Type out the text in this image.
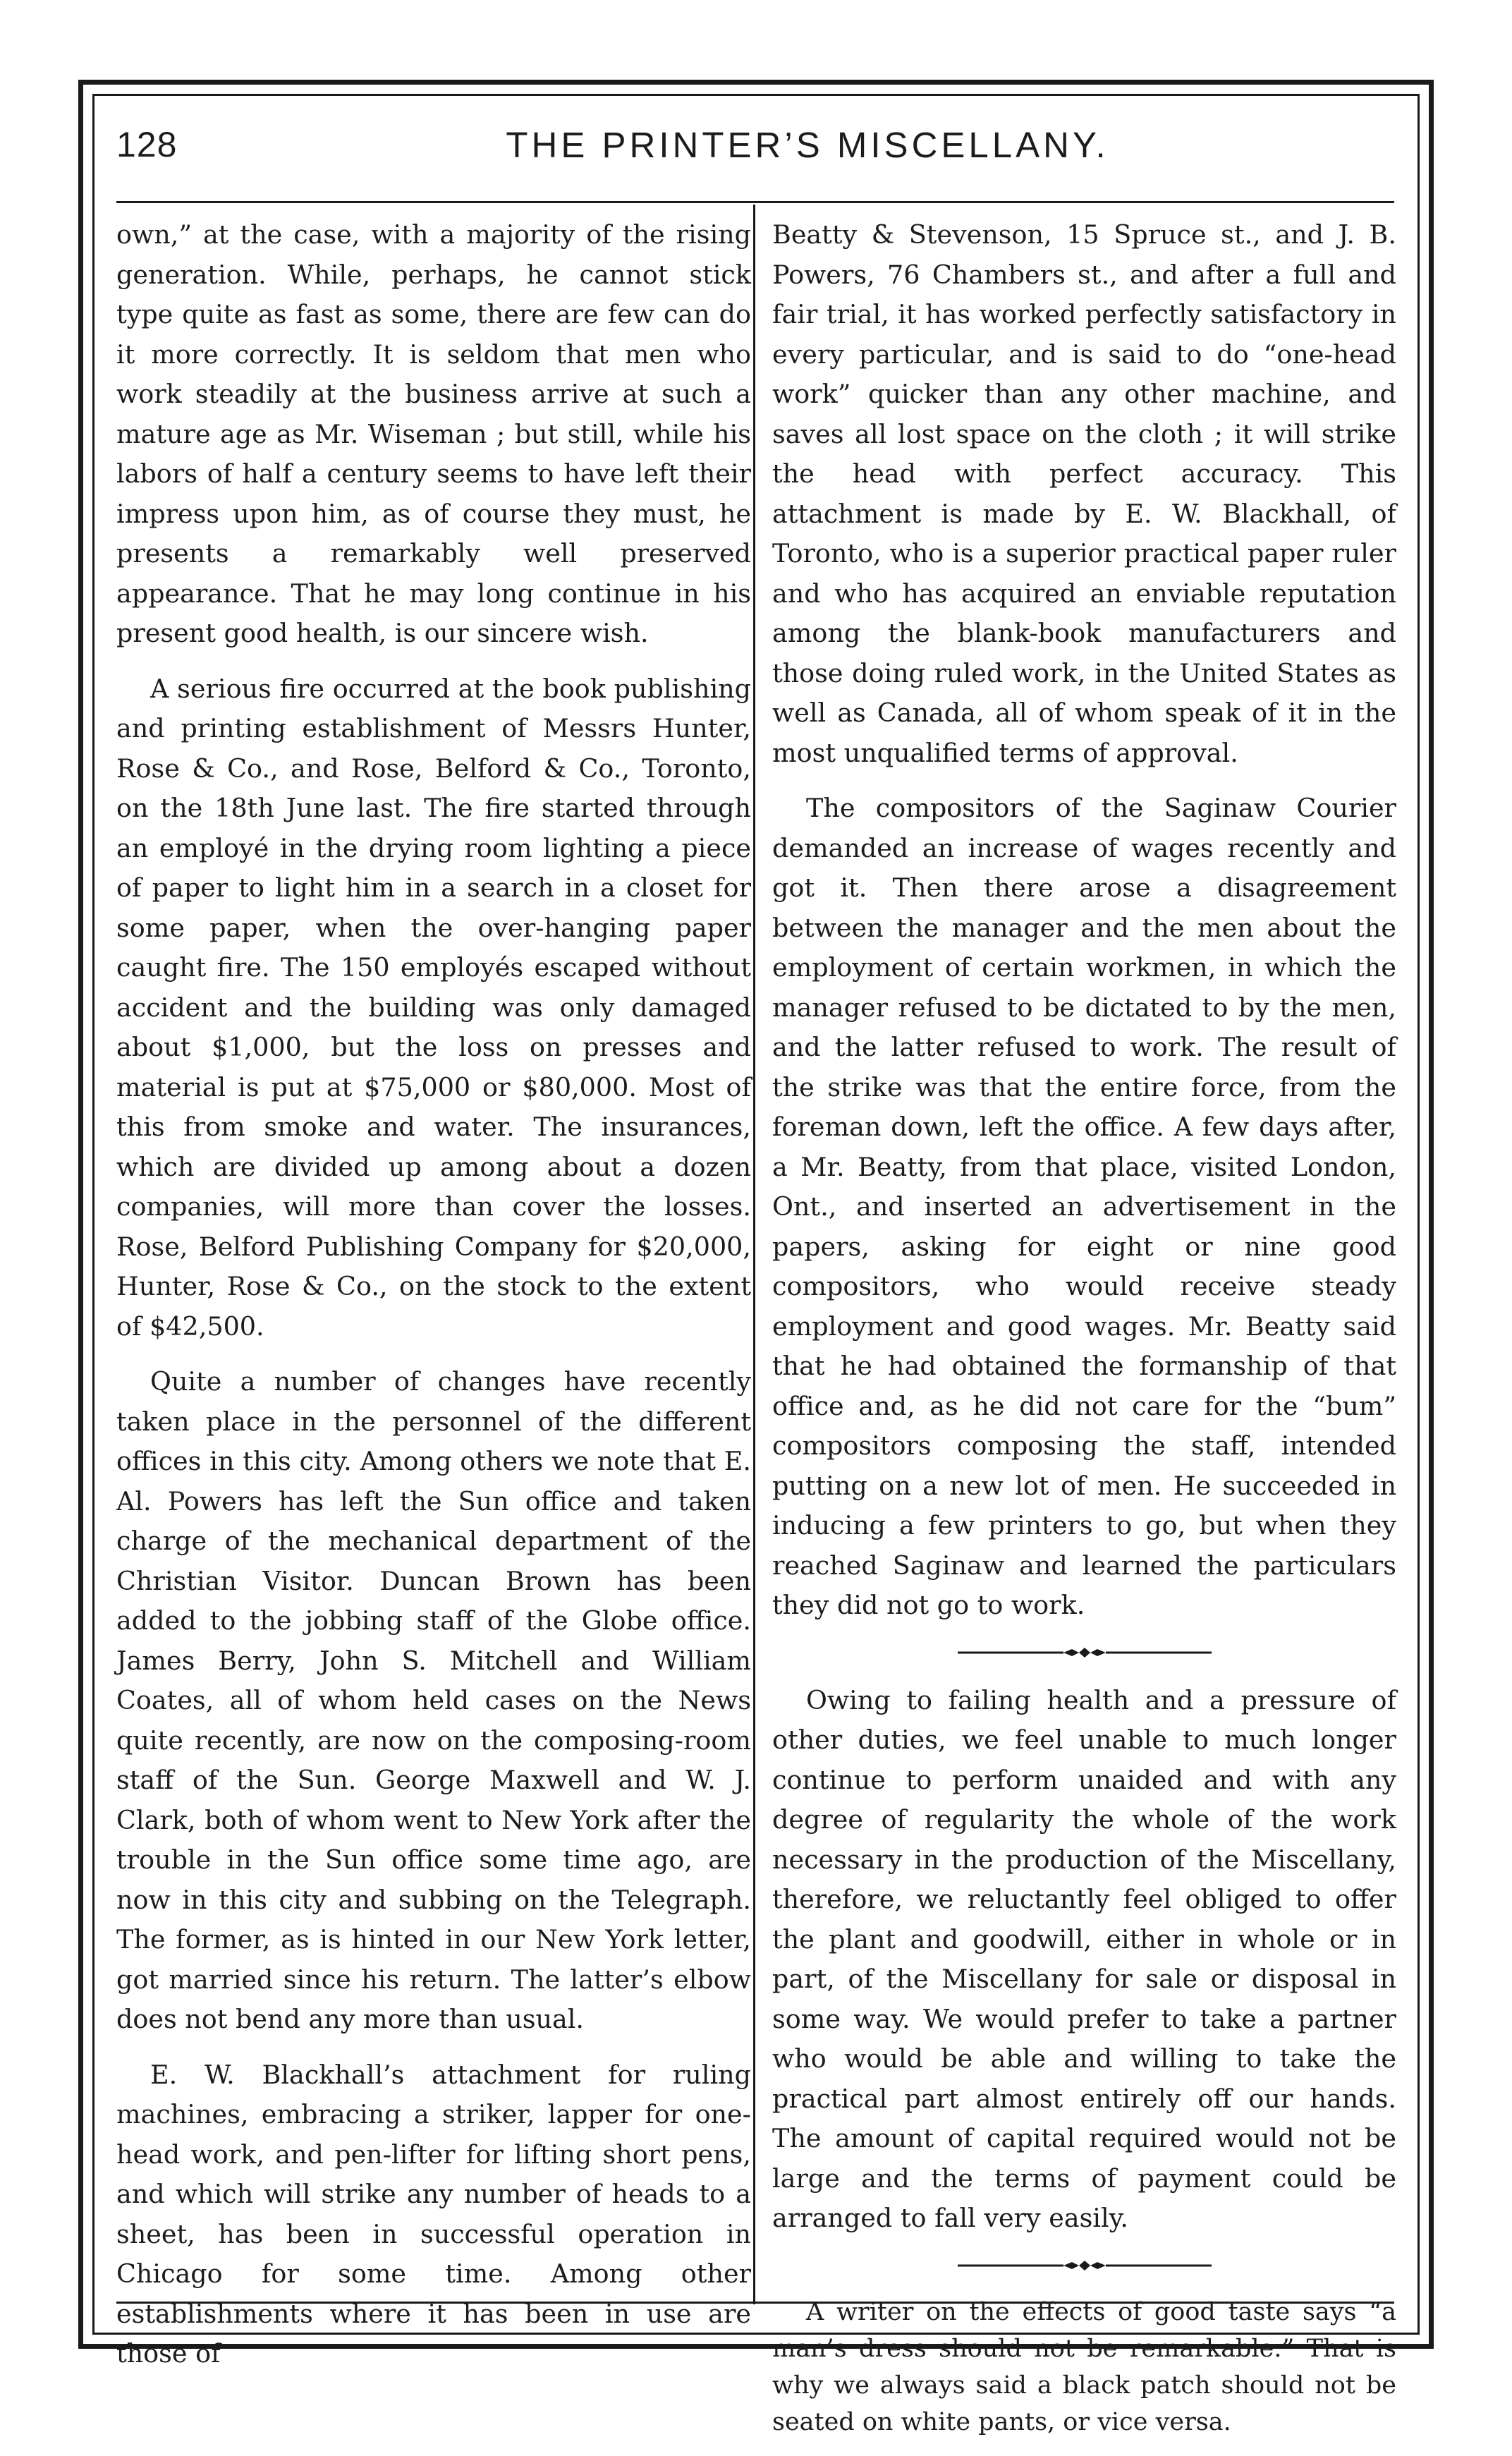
128	THE PRINTER’S MISCELLANY.

own,” at the case, with a majority of the rising generation. While, perhaps, he cannot stick type quite as fast as some, there are few can do it more correctly. It is seldom that men who work steadily at the business arrive at such a mature age as Mr. Wiseman ; but still, while his labors of half a century seems to have left their impress upon him, as of course they must, he presents a remarkably well preserved appearance. That he may long continue in his present good health, is our sincere wish.

A serious fire occurred at the book publishing and printing establishment of Messrs Hunter, Rose & Co., and Rose, Belford & Co., Toronto, on the 18th June last. The fire started through an employé in the drying room lighting a piece of paper to light him in a search in a closet for some paper, when the over-hanging paper caught fire. The 150 employés escaped without accident and the building was only damaged about $1,000, but the loss on presses and material is put at $75,000 or $80,000. Most of this from smoke and water. The insurances, which are divided up among about a dozen companies, will more than cover the losses. Rose, Belford Publishing Company for $20,000, Hunter, Rose & Co., on the stock to the extent of $42,500.

Quite a number of changes have recently taken place in the personnel of the different offices in this city. Among others we note that E. Al. Powers has left the Sun office and taken charge of the mechanical department of the Christian Visitor. Duncan Brown has been added to the jobbing staff of the Globe office. James Berry, John S. Mitchell and William Coates, all of whom held cases on the News quite recently, are now on the composing-room staff of the Sun. George Maxwell and W. J. Clark, both of whom went to New York after the trouble in the Sun office some time ago, are now in this city and subbing on the Telegraph. The former, as is hinted in our New York letter, got married since his return. The latter’s elbow does not bend any more than usual.

E. W. Blackhall’s attachment for ruling machines, embracing a striker, lapper for one-head work, and pen-lifter for lifting short pens, and which will strike any number of heads to a sheet, has been in successful operation in Chicago for some time. Among other establishments where it has been in use are those of

Beatty & Stevenson, 15 Spruce st., and J. B. Powers, 76 Chambers st., and after a full and fair trial, it has worked perfectly satisfactory in every particular, and is said to do “one-head work” quicker than any other machine, and saves all lost space on the cloth ; it will strike the head with perfect accuracy. This attachment is made by E. W. Blackhall, of Toronto, who is a superior practical paper ruler and who has acquired an enviable reputation among the blank-book manufacturers and those doing ruled work, in the United States as well as Canada, all of whom speak of it in the most unqualified terms of approval.

The compositors of the Saginaw Courier demanded an increase of wages recently and got it. Then there arose a disagreement between the manager and the men about the employment of certain workmen, in which the manager refused to be dictated to by the men, and the latter refused to work. The result of the strike was that the entire force, from the foreman down, left the office. A few days after, a Mr. Beatty, from that place, visited London, Ont., and inserted an advertisement in the papers, asking for eight or nine good compositors, who would receive steady employment and good wages. Mr. Beatty said that he had obtained the formanship of that office and, as he did not care for the “bum” compositors composing the staff, intended putting on a new lot of men. He succeeded in inducing a few printers to go, but when they reached Saginaw and learned the particulars they did not go to work.

Owing to failing health and a pressure of other duties, we feel unable to much longer continue to perform unaided and with any degree of regularity the whole of the work necessary in the production of the Miscellany, therefore, we reluctantly feel obliged to offer the plant and goodwill, either in whole or in part, of the Miscellany for sale or disposal in some way. We would prefer to take a partner who would be able and willing to take the practical part almost entirely off our hands. The amount of capital required would not be large and the terms of payment could be arranged to fall very easily.

A writer on the effects of good taste says “a man’s dress should not be remarkable.” That is why we always said a black patch should not be seated on white pants, or vice versa.
